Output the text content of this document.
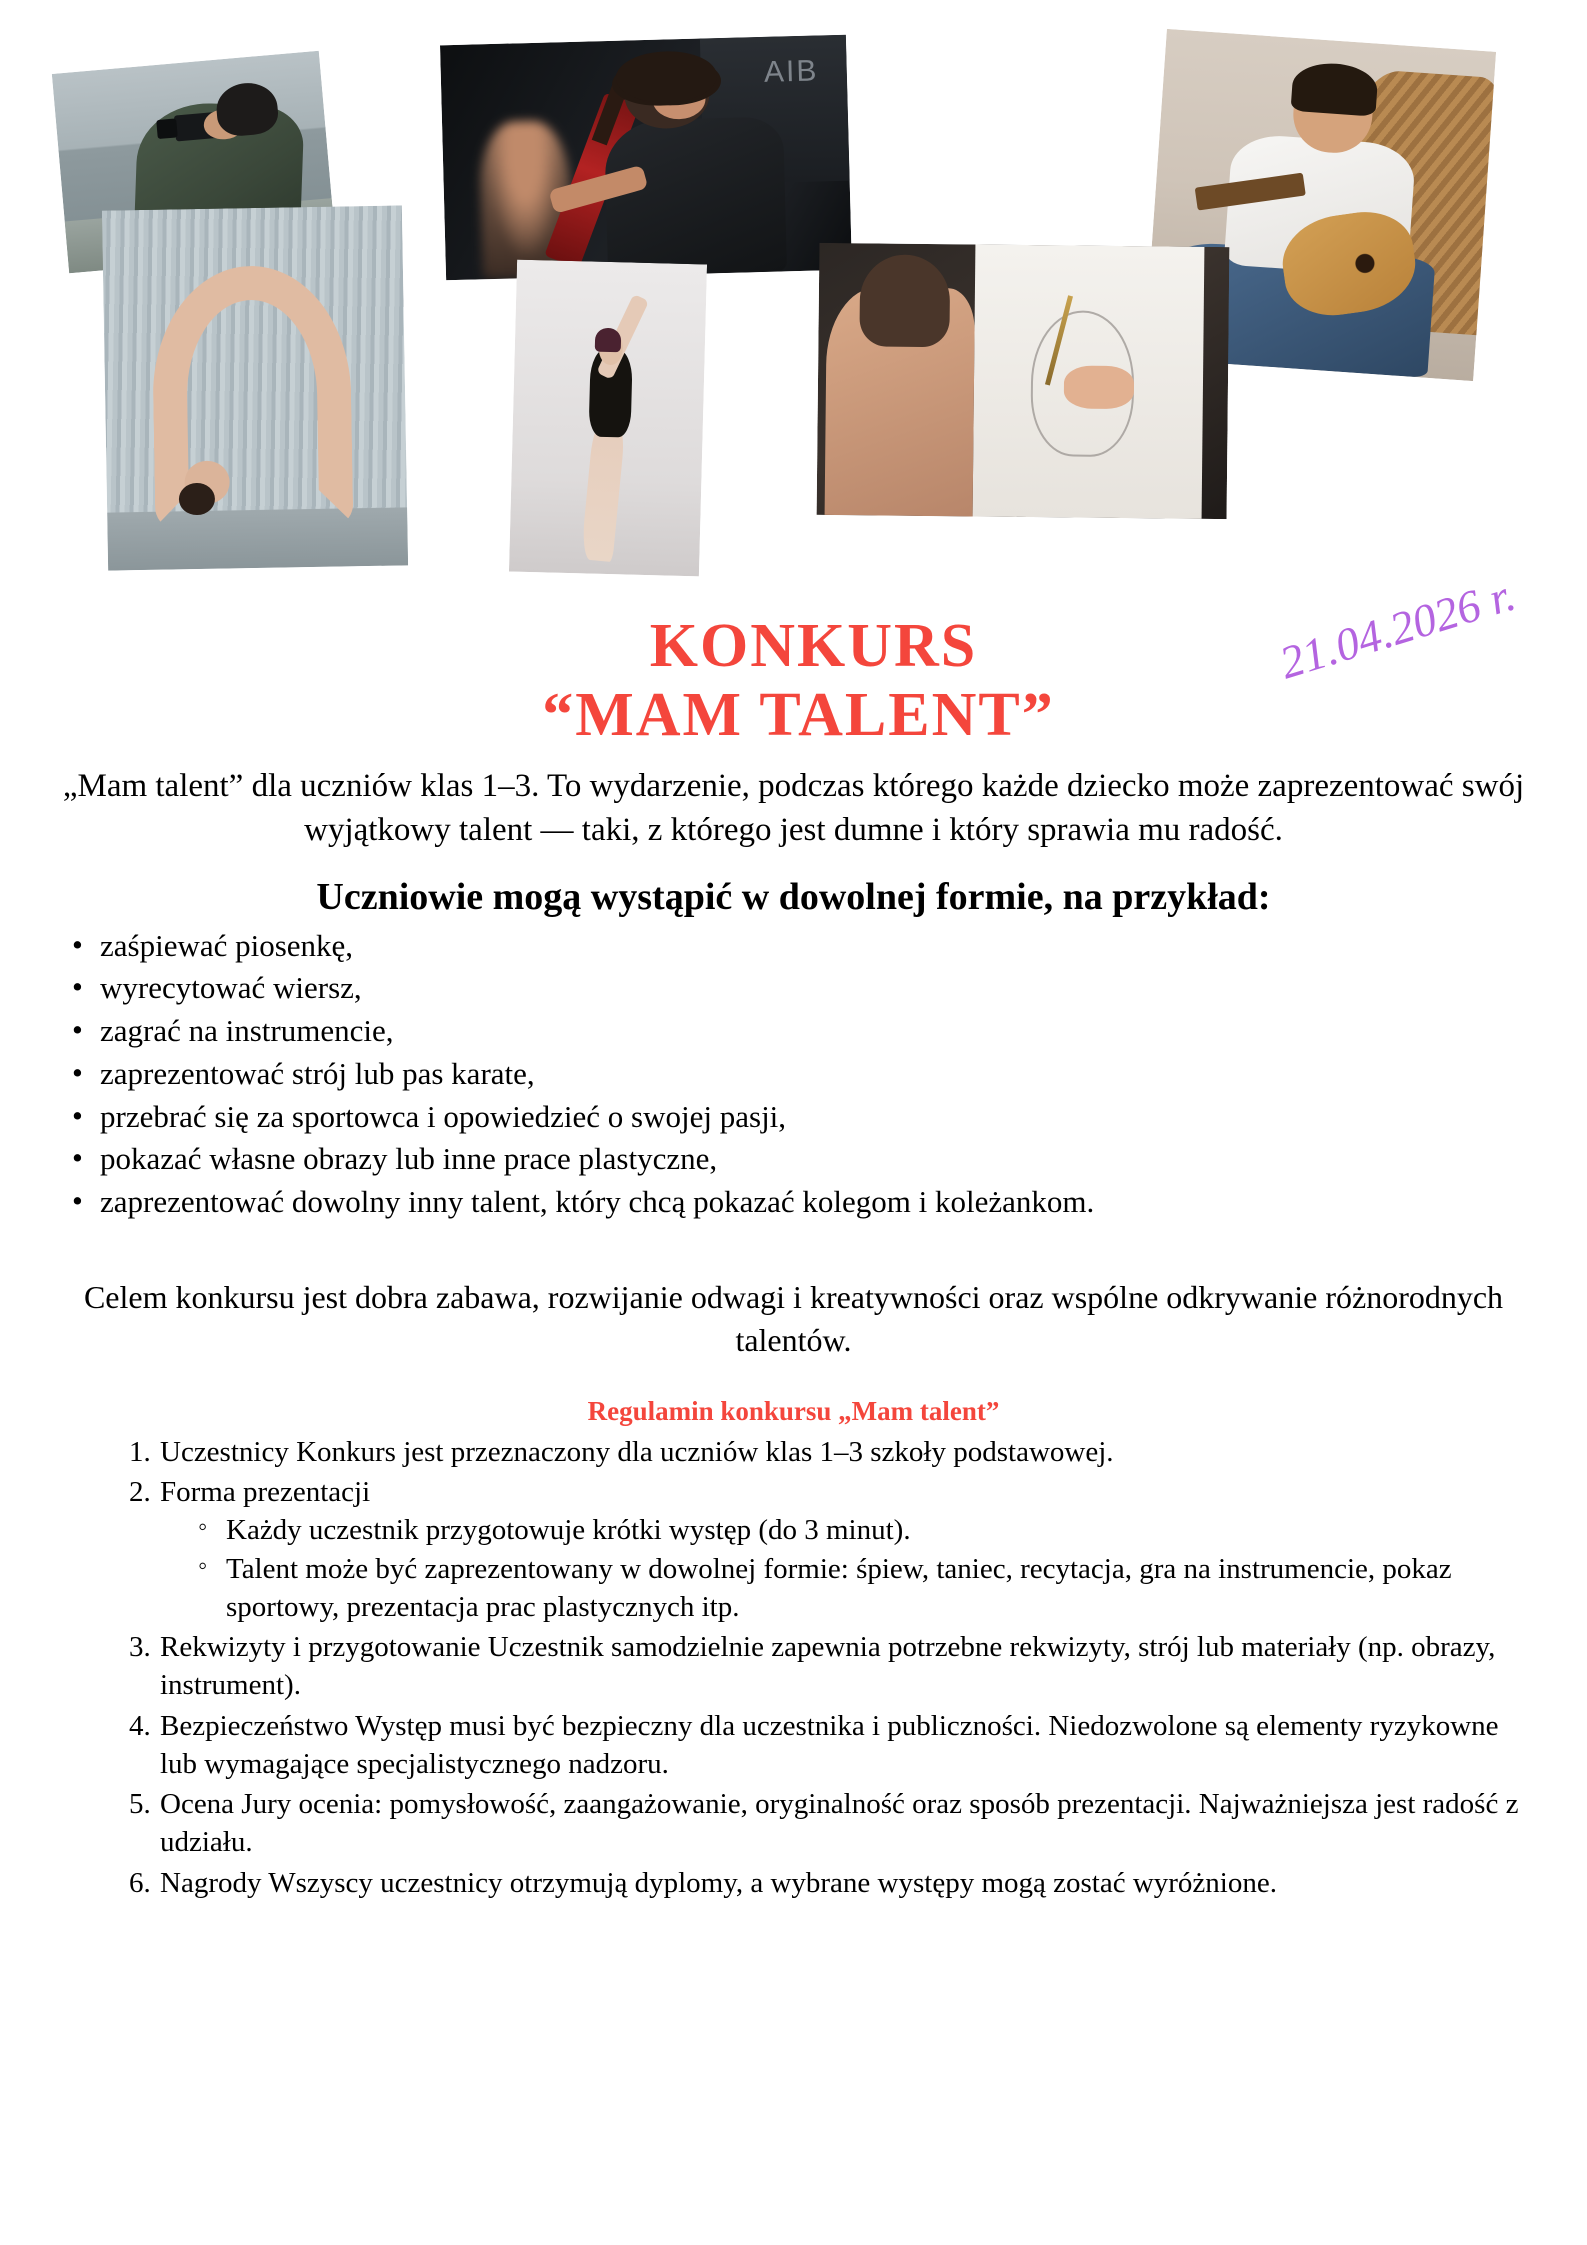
AIB
KONKURS
“MAM TALENT”
21.04.2026 r.

„Mam talent” dla uczniów klas 1–3. To wydarzenie, podczas którego każde dziecko może zaprezentować swój wyjątkowy talent — taki, z którego jest dumne i który sprawia mu radość.

Uczniowie mogą wystąpić w dowolnej formie, na przykład:
• zaśpiewać piosenkę,
• wyrecytować wiersz,
• zagrać na instrumencie,
• zaprezentować strój lub pas karate,
• przebrać się za sportowca i opowiedzieć o swojej pasji,
• pokazać własne obrazy lub inne prace plastyczne,
• zaprezentować dowolny inny talent, który chcą pokazać kolegom i koleżankom.

Celem konkursu jest dobra zabawa, rozwijanie odwagi i kreatywności oraz wspólne odkrywanie różnorodnych talentów.

Regulamin konkursu „Mam talent”
1. Uczestnicy Konkurs jest przeznaczony dla uczniów klas 1–3 szkoły podstawowej.
2. Forma prezentacji
◦ Każdy uczestnik przygotowuje krótki występ (do 3 minut).
◦ Talent może być zaprezentowany w dowolnej formie: śpiew, taniec, recytacja, gra na instrumencie, pokaz sportowy, prezentacja prac plastycznych itp.
3. Rekwizyty i przygotowanie Uczestnik samodzielnie zapewnia potrzebne rekwizyty, strój lub materiały (np. obrazy, instrument).
4. Bezpieczeństwo Występ musi być bezpieczny dla uczestnika i publiczności. Niedozwolone są elementy ryzykowne lub wymagające specjalistycznego nadzoru.
5. Ocena Jury ocenia: pomysłowość, zaangażowanie, oryginalność oraz sposób prezentacji. Najważniejsza jest radość z udziału.
6. Nagrody Wszyscy uczestnicy otrzymują dyplomy, a wybrane występy mogą zostać wyróżnione.
